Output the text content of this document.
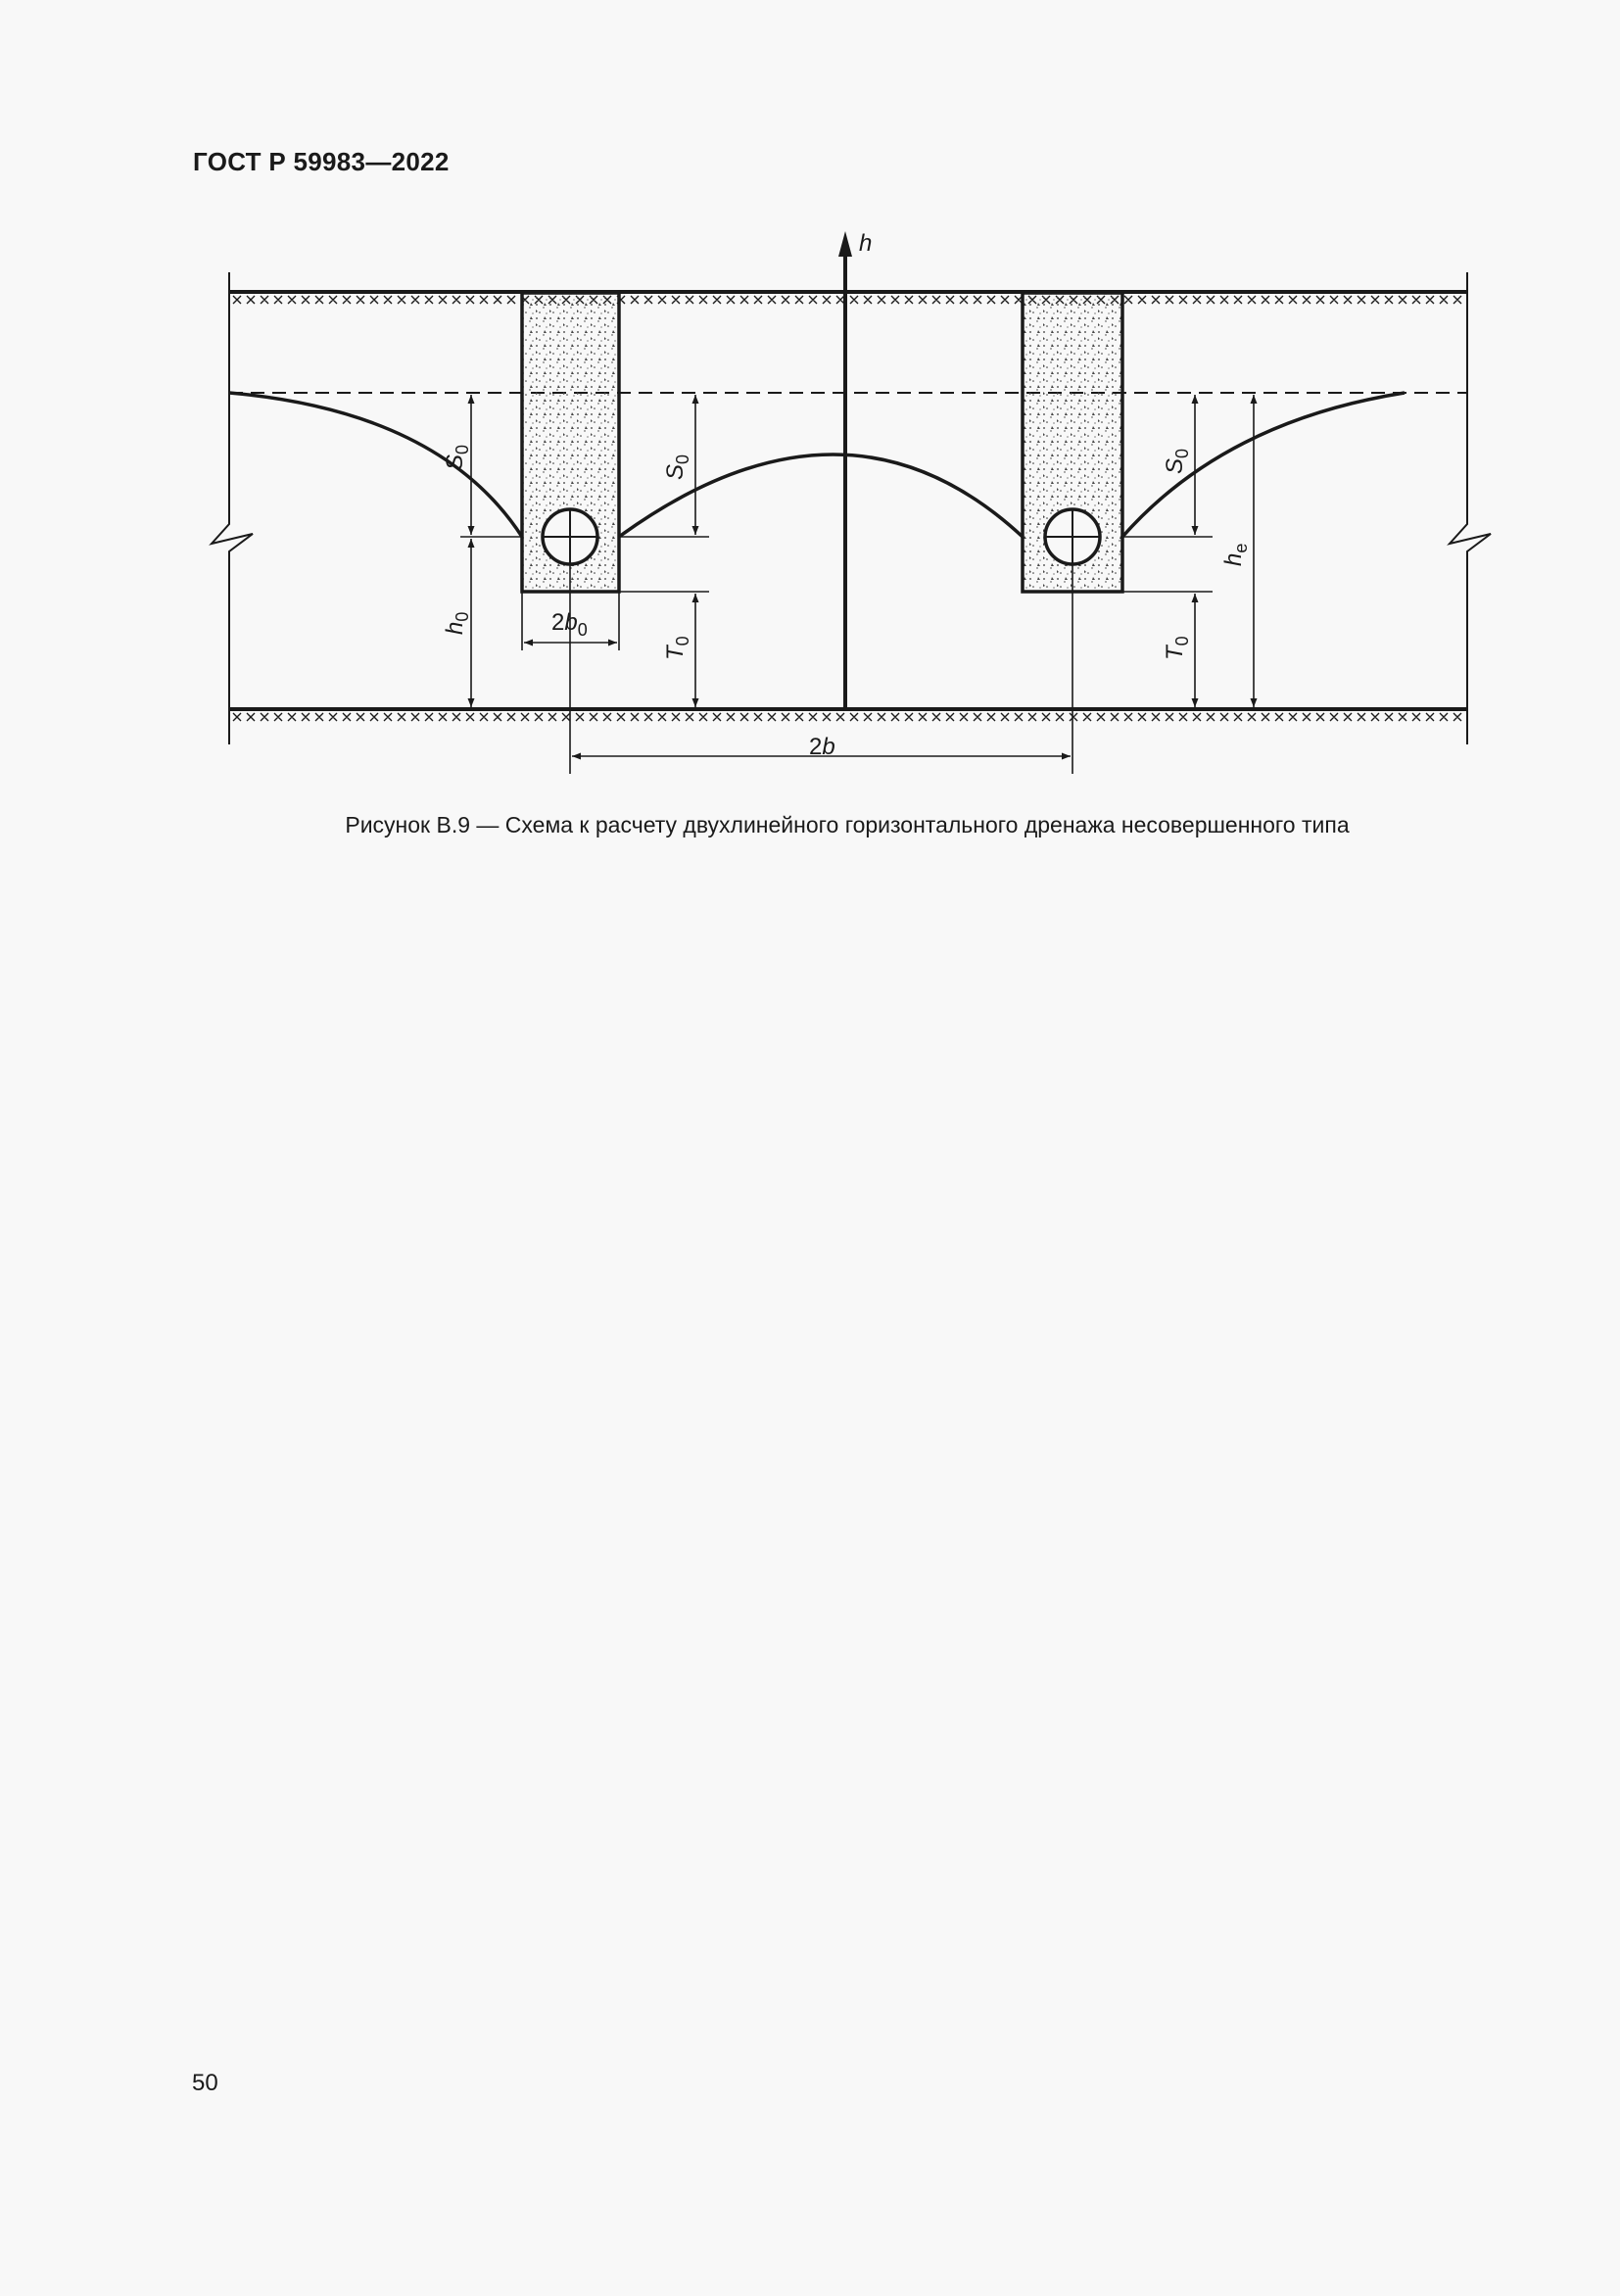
ГОСТ Р 59983—2022
h
$S_0$
$S_0$	$S_0$
$h_0$
$T_0$
$T_0$
$h_e$
$2b_0$
2b
Рисунок В.9 — Схема к расчету двухлинейного горизонтального дренажа несовершенного типа
50
